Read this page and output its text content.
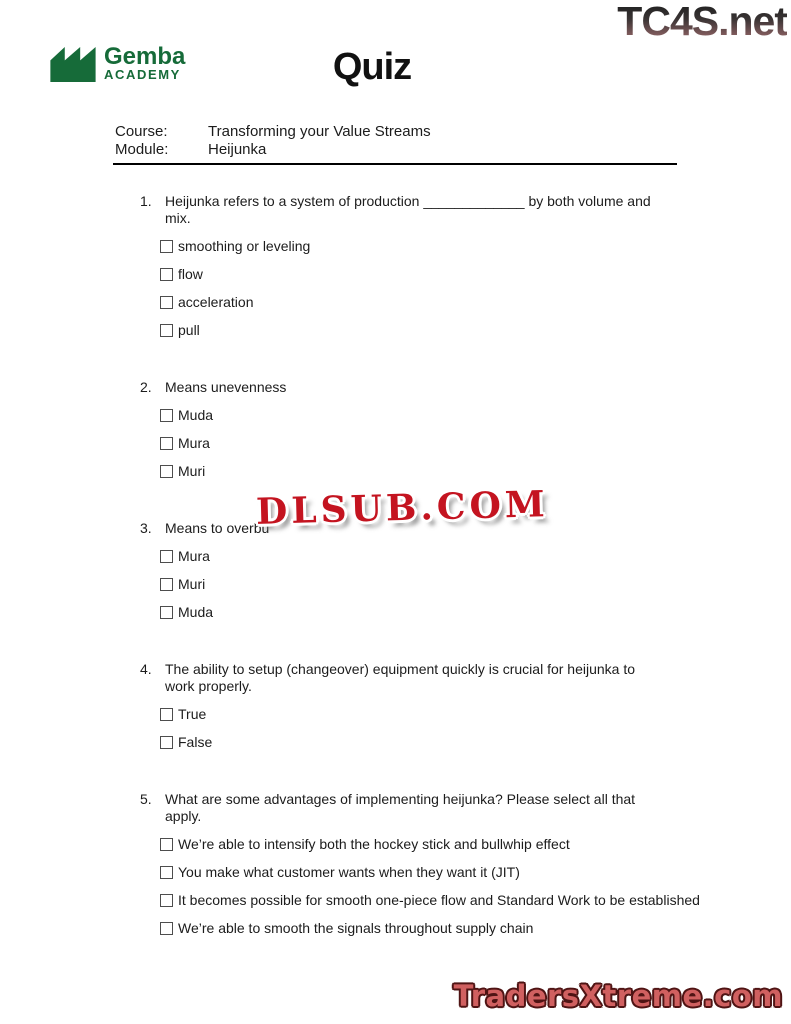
TC4S.net
Gemba
ACADEMY	Quiz
Course:	Transforming your Value Streams
Module:	Heijunka
1. Heijunka refers to a system of production _____________ by both volume and mix.
smoothing or leveling
flow
acceleration
pull
2. Means unevenness
Muda
Mura
Muri
3. Means to overbu
Mura
Muri
Muda
4. The ability to setup (changeover) equipment quickly is crucial for heijunka to work properly.
True
False
5. What are some advantages of implementing heijunka? Please select all that apply.
We’re able to intensify both the hockey stick and bullwhip effect
You make what customer wants when they want it (JIT)
It becomes possible for smooth one-piece flow and Standard Work to be established
We’re able to smooth the signals throughout supply chain
DLSUB.COM
TradersXtreme.com
